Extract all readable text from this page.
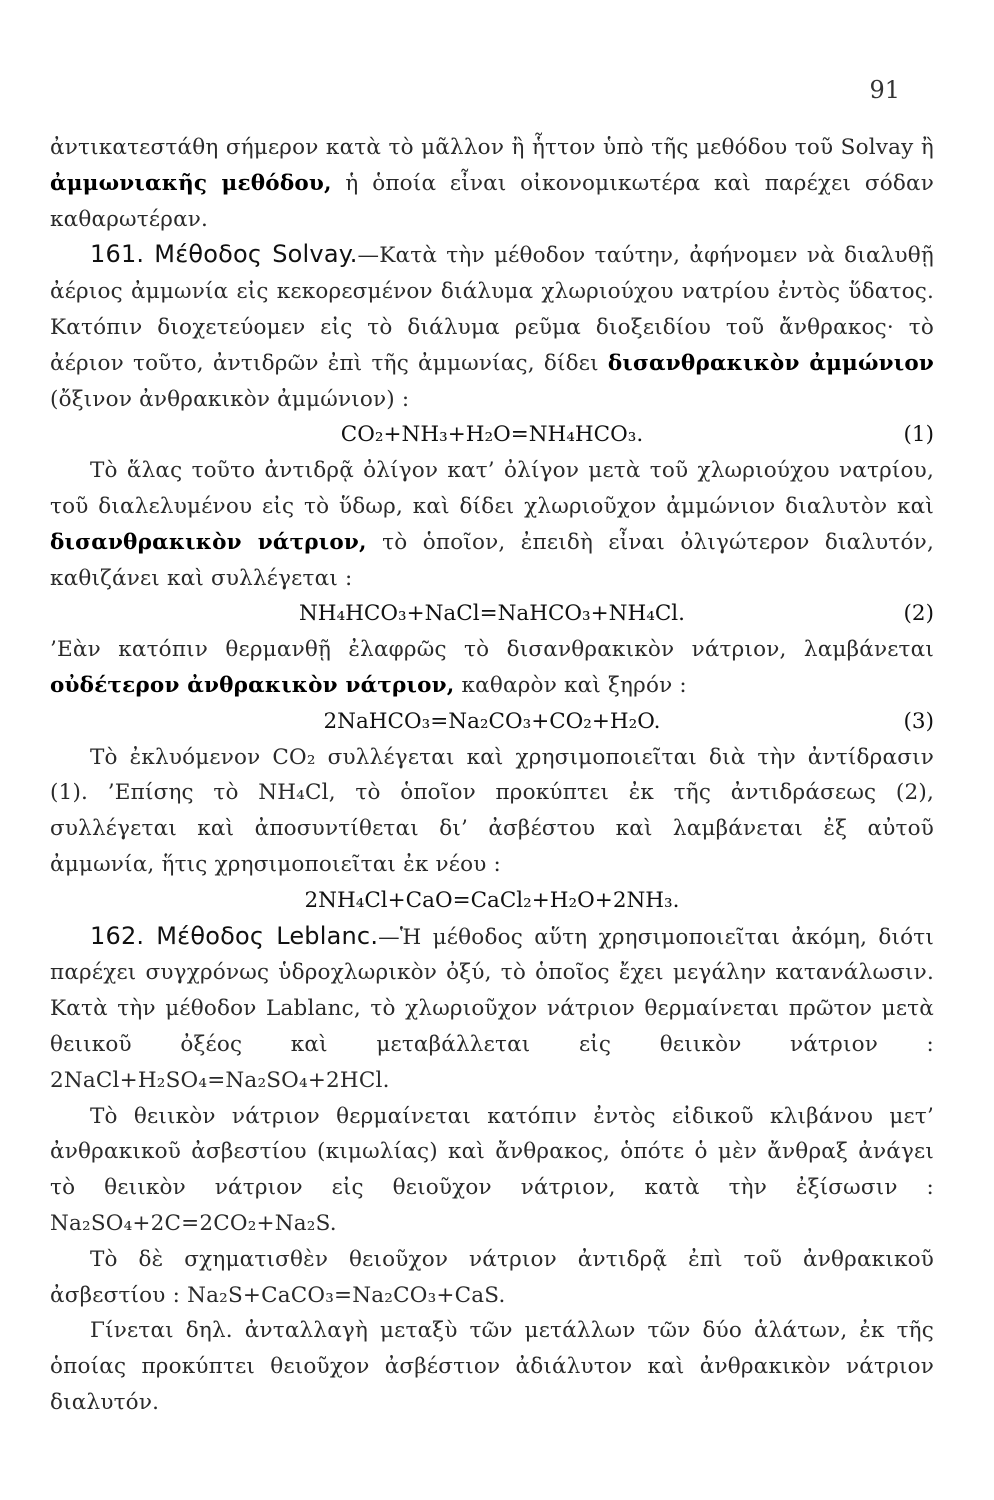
91

ἀντικατεστάθη σήμερον κατὰ τὸ μᾶλλον ἢ ἧττον ὑπὸ τῆς μεθόδου τοῦ Solvay ἢ ἀμμωνιακῆς μεθόδου, ἡ ὁποία εἶναι οἰκονομικωτέρα καὶ παρέχει σόδαν καθαρωτέραν.

161. Μέθοδος Solvay.—Κατὰ τὴν μέθοδον ταύτην, ἀφήνομεν νὰ διαλυθῇ ἀέριος ἀμμωνία εἰς κεκορεσμένον διάλυμα χλωριούχου νατρίου ἐντὸς ὕδατος. Κατόπιν διοχετεύομεν εἰς τὸ διάλυμα ρεῦμα διοξειδίου τοῦ ἄνθρακος· τὸ ἀέριον τοῦτο, ἀντιδρῶν ἐπὶ τῆς ἀμμωνίας, δίδει δισανθρακικὸν ἀμμώνιον (ὄξινον ἀνθρακικὸν ἀμμώνιον) :

CO₂+NH₃+H₂O=NH₄HCO₃.	(1)

Τὸ ἅλας τοῦτο ἀντιδρᾷ ὀλίγον κατ’ ὀλίγον μετὰ τοῦ χλωριούχου νατρίου, τοῦ διαλελυμένου εἰς τὸ ὕδωρ, καὶ δίδει χλωριοῦχον ἀμμώνιον διαλυτὸν καὶ δισανθρακικὸν νάτριον, τὸ ὁποῖον, ἐπειδὴ εἶναι ὀλιγώτερον διαλυτόν, καθιζάνει καὶ συλλέγεται :

NH₄HCO₃+NaCl=NaHCO₃+NH₄Cl.	(2)

’Εὰν κατόπιν θερμανθῇ ἐλαφρῶς τὸ δισανθρακικὸν νάτριον, λαμβάνεται οὐδέτερον ἀνθρακικὸν νάτριον, καθαρὸν καὶ ξηρόν :

2NaHCO₃=Na₂CO₃+CO₂+H₂O.	(3)

Τὸ ἐκλυόμενον CO₂ συλλέγεται καὶ χρησιμοποιεῖται διὰ τὴν ἀντίδρασιν (1). ’Επίσης τὸ NH₄Cl, τὸ ὁποῖον προκύπτει ἐκ τῆς ἀντιδράσεως (2), συλλέγεται καὶ ἀποσυντίθεται δι’ ἀσβέστου καὶ λαμβάνεται ἐξ αὐτοῦ ἀμμωνία, ἥτις χρησιμοποιεῖται ἐκ νέου :

2NH₄Cl+CaO=CaCl₂+H₂O+2NH₃.

162. Μέθοδος Leblanc.—Ἡ μέθοδος αὕτη χρησιμοποιεῖται ἀκόμη, διότι παρέχει συγχρόνως ὑδροχλωρικὸν ὀξύ, τὸ ὁποῖος ἔχει μεγάλην κατανάλωσιν. Κατὰ τὴν μέθοδον Lablanc, τὸ χλωριοῦχον νάτριον θερμαίνεται πρῶτον μετὰ θειικοῦ ὀξέος καὶ μεταβάλλεται εἰς θειικὸν νάτριον : 2NaCl+H₂SO₄=Na₂SO₄+2HCl.

Τὸ θειικὸν νάτριον θερμαίνεται κατόπιν ἐντὸς εἰδικοῦ κλιβάνου μετ’ ἀνθρακικοῦ ἀσβεστίου (κιμωλίας) καὶ ἄνθρακος, ὁπότε ὁ μὲν ἄνθραξ ἀνάγει τὸ θειικὸν νάτριον εἰς θειοῦχον νάτριον, κατὰ τὴν ἐξίσωσιν : Na₂SO₄+2C=2CO₂+Na₂S.

Τὸ δὲ σχηματισθὲν θειοῦχον νάτριον ἀντιδρᾷ ἐπὶ τοῦ ἀνθρακικοῦ ἀσβεστίου : Na₂S+CaCO₃=Na₂CO₃+CaS.

Γίνεται δηλ. ἀνταλλαγὴ μεταξὺ τῶν μετάλλων τῶν δύο ἁλάτων, ἐκ τῆς ὁποίας προκύπτει θειοῦχον ἀσβέστιον ἀδιάλυτον καὶ ἀνθρακικὸν νάτριον διαλυτόν.
